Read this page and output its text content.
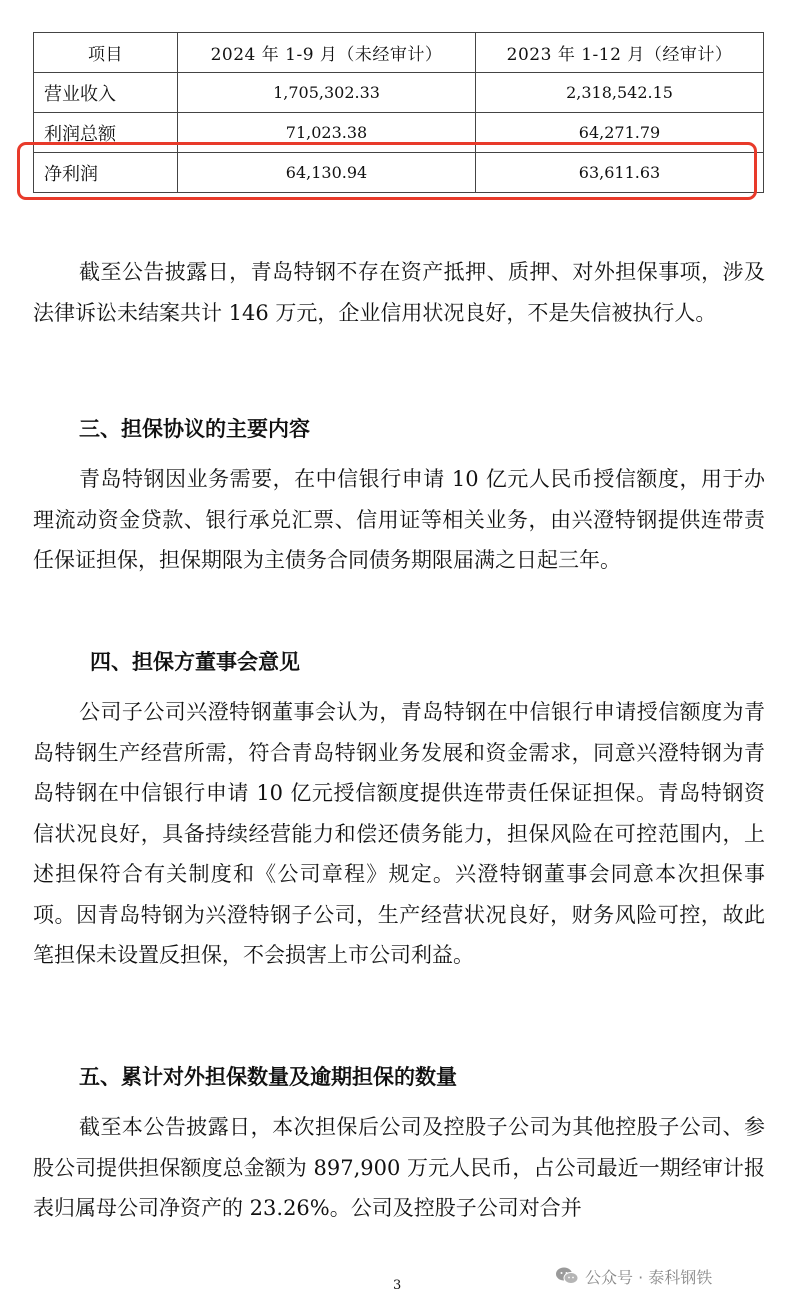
项目	2024 年 1-9 月（未经审计）	2023 年 1-12 月（经审计）
营业收入	1,705,302.33	2,318,542.15
利润总额	71,023.38	64,271.79
净利润	64,130.94	63,611.63

截至公告披露日，青岛特钢不存在资产抵押、质押、对外担保事项，涉及法律诉讼未结案共计 146 万元，企业信用状况良好，不是失信被执行人。

三、担保协议的主要内容

青岛特钢因业务需要，在中信银行申请 10 亿元人民币授信额度，用于办理流动资金贷款、银行承兑汇票、信用证等相关业务，由兴澄特钢提供连带责任保证担保，担保期限为主债务合同债务期限届满之日起三年。

四、担保方董事会意见

公司子公司兴澄特钢董事会认为，青岛特钢在中信银行申请授信额度为青岛特钢生产经营所需，符合青岛特钢业务发展和资金需求，同意兴澄特钢为青岛特钢在中信银行申请 10 亿元授信额度提供连带责任保证担保。青岛特钢资信状况良好，具备持续经营能力和偿还债务能力，担保风险在可控范围内，上述担保符合有关制度和《公司章程》规定。兴澄特钢董事会同意本次担保事项。因青岛特钢为兴澄特钢子公司，生产经营状况良好，财务风险可控，故此笔担保未设置反担保，不会损害上市公司利益。

五、累计对外担保数量及逾期担保的数量

截至本公告披露日，本次担保后公司及控股子公司为其他控股子公司、参股公司提供担保额度总金额为 897,900 万元人民币，占公司最近一期经审计报表归属母公司净资产的 23.26%。公司及控股子公司对合并

3	公众号 · 泰科钢铁
